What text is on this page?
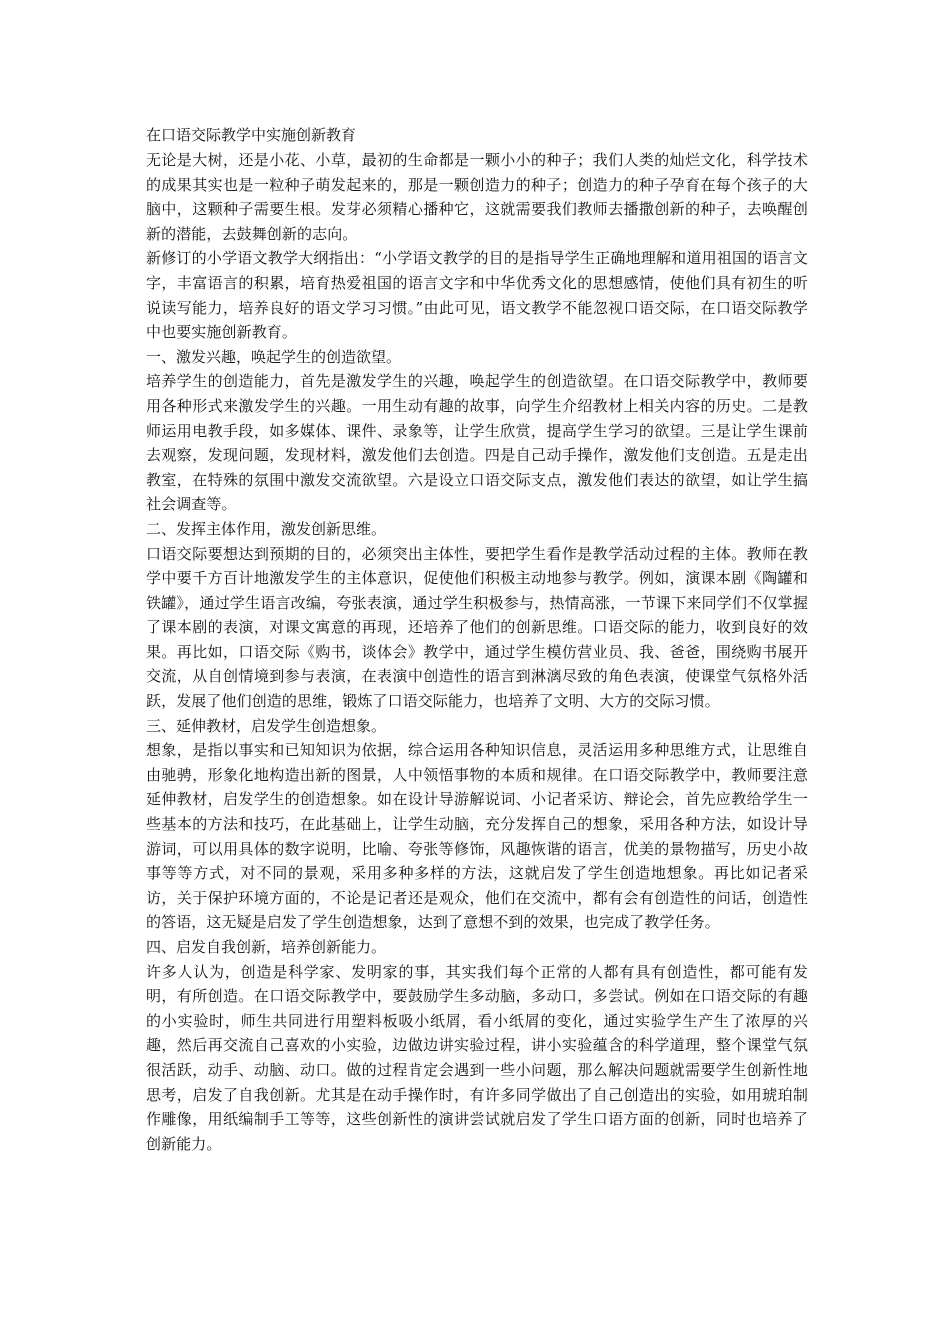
在口语交际教学中实施创新教育

无论是大树，还是小花、小草，最初的生命都是一颗小小的种子；我们人类的灿烂文化，科学技术的成果其实也是一粒种子萌发起来的，那是一颗创造力的种子；创造力的种子孕育在每个孩子的大脑中，这颗种子需要生根。发芽必须精心播种它，这就需要我们教师去播撒创新的种子，去唤醒创新的潜能，去鼓舞创新的志向。

新修订的小学语文教学大纲指出：“小学语文教学的目的是指导学生正确地理解和道用祖国的语言文字，丰富语言的积累，培育热爱祖国的语言文字和中华优秀文化的思想感情，使他们具有初生的听说读写能力，培养良好的语文学习习惯。”由此可见，语文教学不能忽视口语交际，在口语交际教学中也要实施创新教育。

一、激发兴趣，唤起学生的创造欲望。

培养学生的创造能力，首先是激发学生的兴趣，唤起学生的创造欲望。在口语交际教学中，教师要用各种形式来激发学生的兴趣。一用生动有趣的故事，向学生介绍教材上相关内容的历史。二是教师运用电教手段，如多媒体、课件、录象等，让学生欣赏，提高学生学习的欲望。三是让学生课前去观察，发现问题，发现材料，激发他们去创造。四是自己动手操作，激发他们支创造。五是走出教室，在特殊的氛围中激发交流欲望。六是设立口语交际支点，激发他们表达的欲望，如让学生搞社会调查等。

二、发挥主体作用，激发创新思维。

口语交际要想达到预期的目的，必须突出主体性，要把学生看作是教学活动过程的主体。教师在教学中要千方百计地激发学生的主体意识，促使他们积极主动地参与教学。例如，演课本剧《陶罐和铁罐》，通过学生语言改编，夸张表演，通过学生积极参与，热情高涨，一节课下来同学们不仅掌握了课本剧的表演，对课文寓意的再现，还培养了他们的创新思维。口语交际的能力，收到良好的效果。再比如，口语交际《购书，谈体会》教学中，通过学生模仿营业员、我、爸爸，围绕购书展开交流，从自创情境到参与表演，在表演中创造性的语言到淋漓尽致的角色表演，使课堂气氛格外活跃，发展了他们创造的思维，锻炼了口语交际能力，也培养了文明、大方的交际习惯。

三、延伸教材，启发学生创造想象。

想象，是指以事实和已知知识为依据，综合运用各种知识信息，灵活运用多种思维方式，让思维自由驰骋，形象化地构造出新的图景，人中领悟事物的本质和规律。在口语交际教学中，教师要注意延伸教材，启发学生的创造想象。如在设计导游解说词、小记者采访、辩论会，首先应教给学生一些基本的方法和技巧，在此基础上，让学生动脑，充分发挥自己的想象，采用各种方法，如设计导游词，可以用具体的数字说明，比喻、夸张等修饰，风趣恢谐的语言，优美的景物描写，历史小故事等等方式，对不同的景观，采用多种多样的方法，这就启发了学生创造地想象。再比如记者采访，关于保护环境方面的，不论是记者还是观众，他们在交流中，都有会有创造性的问话，创造性的答语，这无疑是启发了学生创造想象，达到了意想不到的效果，也完成了教学任务。

四、启发自我创新，培养创新能力。

许多人认为，创造是科学家、发明家的事，其实我们每个正常的人都有具有创造性，都可能有发明，有所创造。在口语交际教学中，要鼓励学生多动脑，多动口，多尝试。例如在口语交际的有趣的小实验时，师生共同进行用塑料板吸小纸屑，看小纸屑的变化，通过实验学生产生了浓厚的兴趣，然后再交流自己喜欢的小实验，边做边讲实验过程，讲小实验蕴含的科学道理，整个课堂气氛很活跃，动手、动脑、动口。做的过程肯定会遇到一些小问题，那么解决问题就需要学生创新性地思考，启发了自我创新。尤其是在动手操作时，有许多同学做出了自己创造出的实验，如用琥珀制作雕像，用纸编制手工等等，这些创新性的演讲尝试就启发了学生口语方面的创新，同时也培养了创新能力。
